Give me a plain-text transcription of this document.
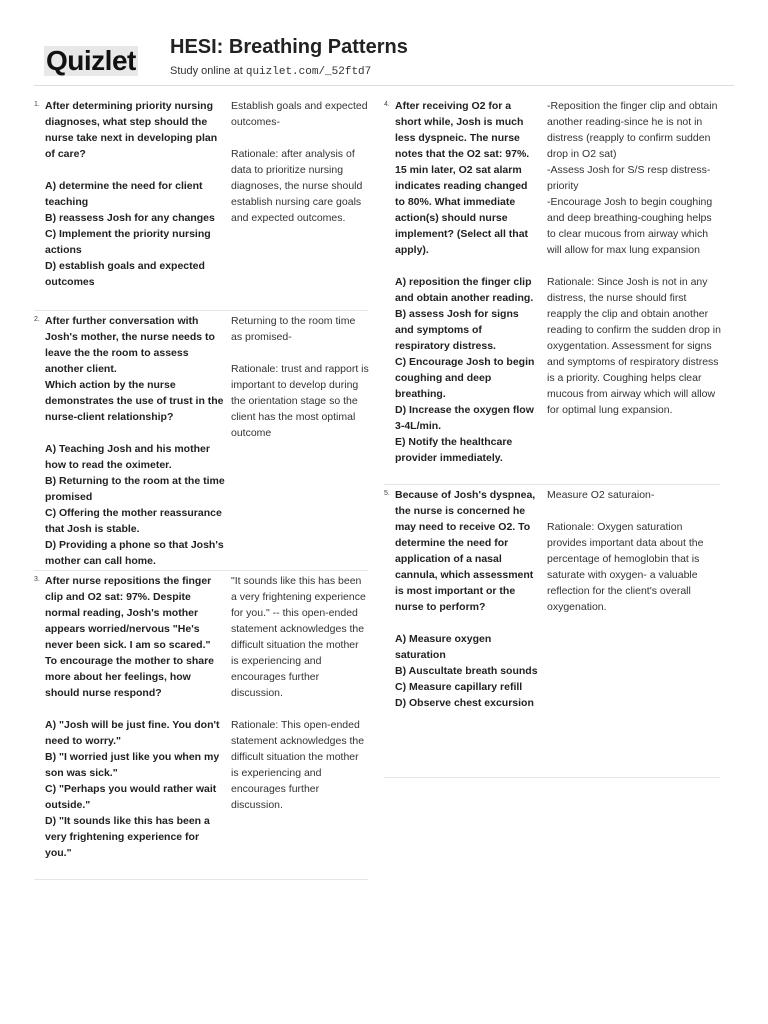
Quizlet HESI: Breathing Patterns
Study online at quizlet.com/_52ftd7
1. After determining priority nursing diagnoses, what step should the nurse take next in developing plan of care?

A) determine the need for client teaching
B) reassess Josh for any changes
C) Implement the priority nursing actions
D) establish goals and expected outcomes
Establish goals and expected outcomes-

Rationale: after analysis of data to prioritize nursing diagnoses, the nurse should establish nursing care goals and expected outcomes.
2. After further conversation with Josh's mother, the nurse needs to leave the the room to assess another client.
Which action by the nurse demonstrates the use of trust in the nurse-client relationship?

A) Teaching Josh and his mother how to read the oximeter.
B) Returning to the room at the time promised
C) Offering the mother reassurance that Josh is stable.
D) Providing a phone so that Josh's mother can call home.
Returning to the room time as promised-

Rationale: trust and rapport is important to develop during the orientation stage so the client has the most optimal outcome
3. After nurse repositions the finger clip and O2 sat: 97%. Despite normal reading, Josh's mother appears worried/nervous "He's never been sick. I am so scared."
To encourage the mother to share more about her feelings, how should nurse respond?

A) "Josh will be just fine. You don't need to worry."
B) "I worried just like you when my son was sick."
C) "Perhaps you would rather wait outside."
D) "It sounds like this has been a very frightening experience for you."
"It sounds like this has been a very frightening experience for you." -- this open-ended statement acknowledges the difficult situation the mother is experiencing and encourages further discussion.

Rationale: This open-ended statement acknowledges the difficult situation the mother is experiencing and encourages further discussion.
4. After receiving O2 for a short while, Josh is much less dyspneic. The nurse notes that the O2 sat: 97%. 15 min later, O2 sat alarm indicates reading changed to 80%. What immediate action(s) should nurse implement? (Select all that apply).

A) reposition the finger clip and obtain another reading.
B) assess Josh for signs and symptoms of respiratory distress.
C) Encourage Josh to begin coughing and deep breathing.
D) Increase the oxygen flow 3-4L/min.
E) Notify the healthcare provider immediately.
-Reposition the finger clip and obtain another reading-since he is not in distress (reapply to confirm sudden drop in O2 sat)
-Assess Josh for S/S resp distress-priority
-Encourage Josh to begin coughing and deep breathing-coughing helps to clear mucous from airway which will allow for max lung expansion

Rationale: Since Josh is not in any distress, the nurse should first reapply the clip and obtain another reading to confirm the sudden drop in oxygentation. Assessment for signs and symptoms of respiratory distress is a priority. Coughing helps clear mucous from airway which will allow for optimal lung expansion.
5. Because of Josh's dyspnea, the nurse is concerned he may need to receive O2. To determine the need for application of a nasal cannula, which assessment is most important or the nurse to perform?

A) Measure oxygen saturation
B) Auscultate breath sounds
C) Measure capillary refill
D) Observe chest excursion
Measure O2 saturaion-

Rationale: Oxygen saturation provides important data about the percentage of hemoglobin that is saturate with oxygen- a valuable reflection for the client's overall oxygenation.
